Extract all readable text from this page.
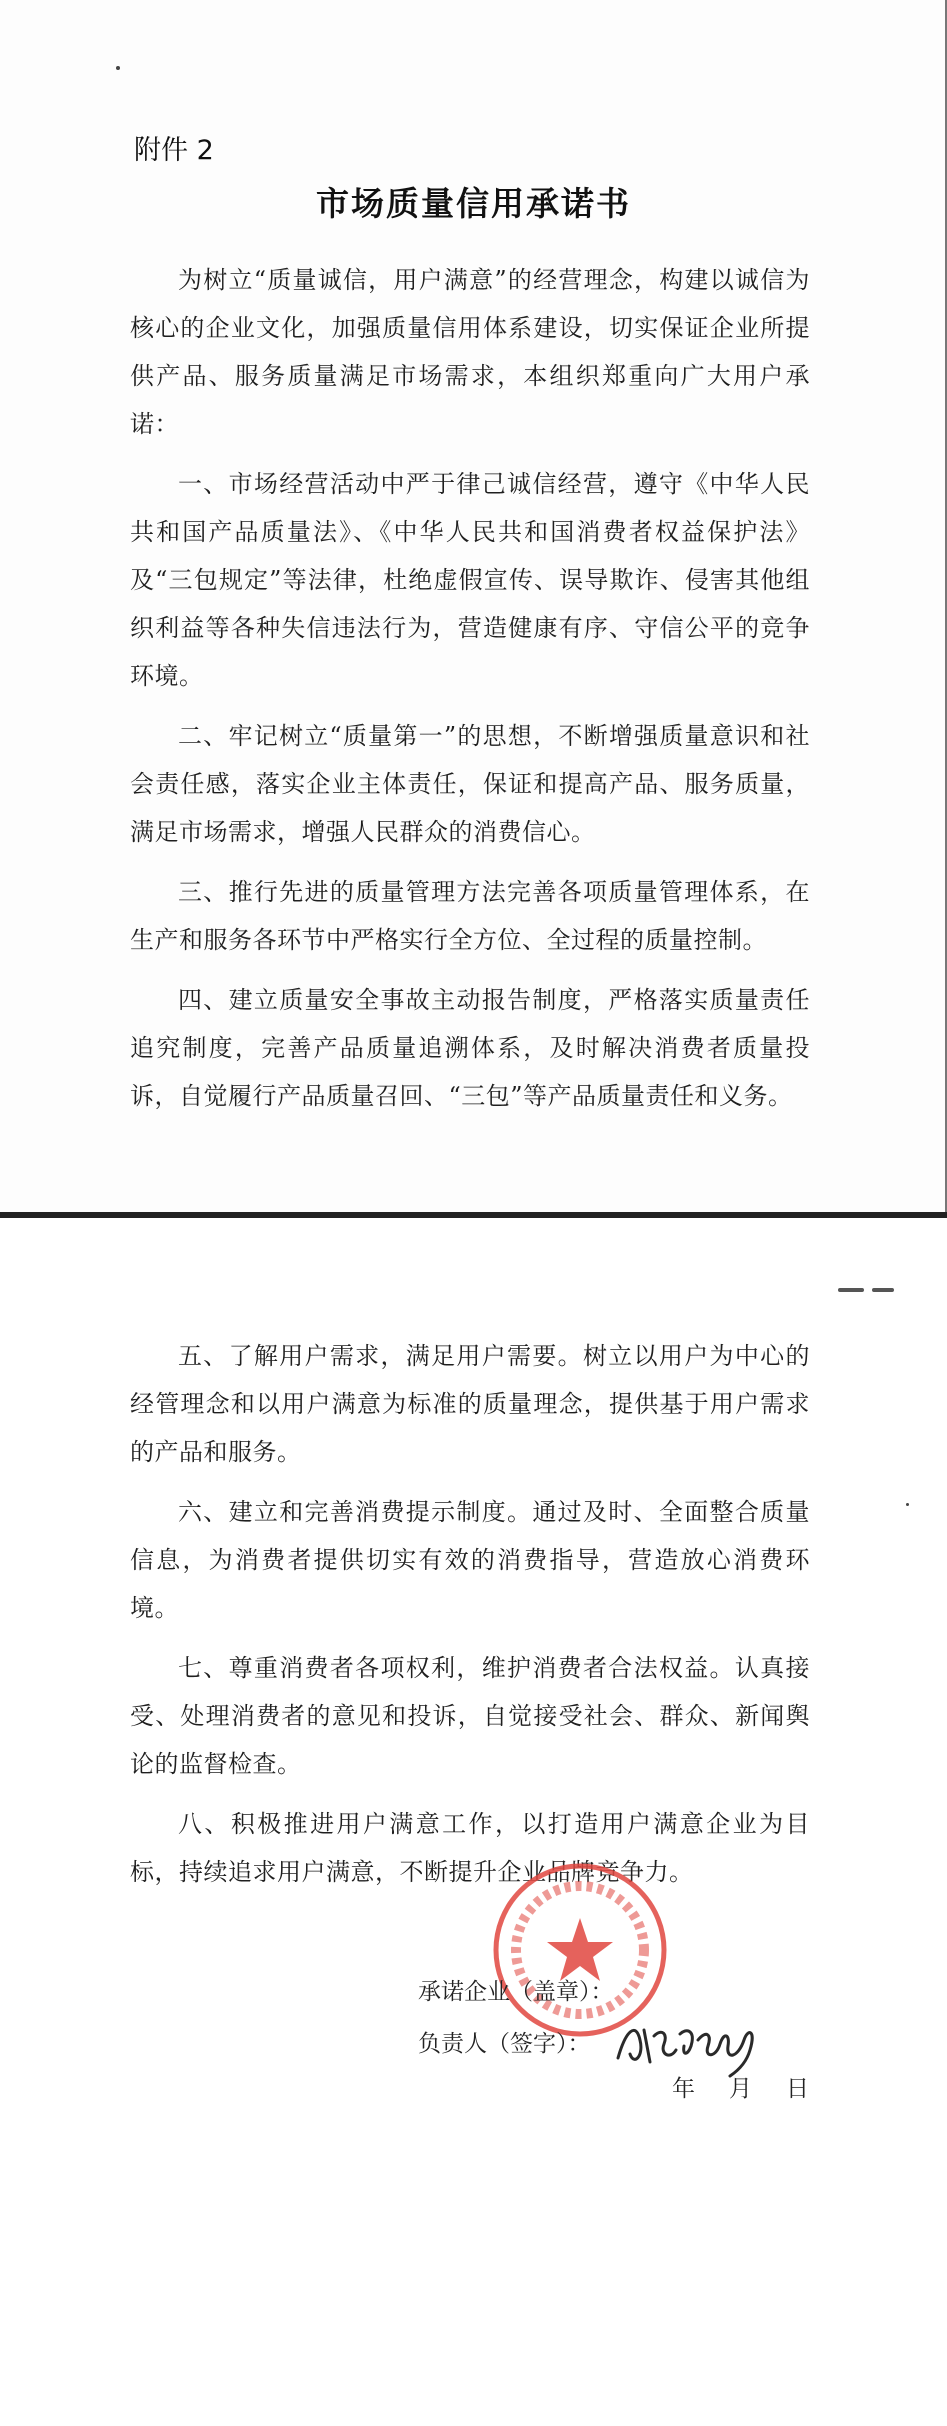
附件 2
市场质量信用承诺书

为树立“质量诚信，用户满意”的经营理念，构建以诚信为核心的企业文化，加强质量信用体系建设，切实保证企业所提供产品、服务质量满足市场需求，本组织郑重向广大用户承诺：

一、市场经营活动中严于律己诚信经营，遵守《中华人民共和国产品质量法》、《中华人民共和国消费者权益保护法》及“三包规定”等法律，杜绝虚假宣传、误导欺诈、侵害其他组织利益等各种失信违法行为，营造健康有序、守信公平的竞争环境。

二、牢记树立“质量第一”的思想，不断增强质量意识和社会责任感，落实企业主体责任，保证和提高产品、服务质量，满足市场需求，增强人民群众的消费信心。

三、推行先进的质量管理方法完善各项质量管理体系，在生产和服务各环节中严格实行全方位、全过程的质量控制。

四、建立质量安全事故主动报告制度，严格落实质量责任追究制度，完善产品质量追溯体系，及时解决消费者质量投诉，自觉履行产品质量召回、“三包”等产品质量责任和义务。

五、了解用户需求，满足用户需要。树立以用户为中心的经管理念和以用户满意为标准的质量理念，提供基于用户需求的产品和服务。

六、建立和完善消费提示制度。通过及时、全面整合质量信息，为消费者提供切实有效的消费指导，营造放心消费环境。

七、尊重消费者各项权利，维护消费者合法权益。认真接受、处理消费者的意见和投诉，自觉接受社会、群众、新闻舆论的监督检查。

八、积极推进用户满意工作，以打造用户满意企业为目标，持续追求用户满意，不断提升企业品牌竞争力。

承诺企业（盖章）：
负责人（签字）：
年 月 日
